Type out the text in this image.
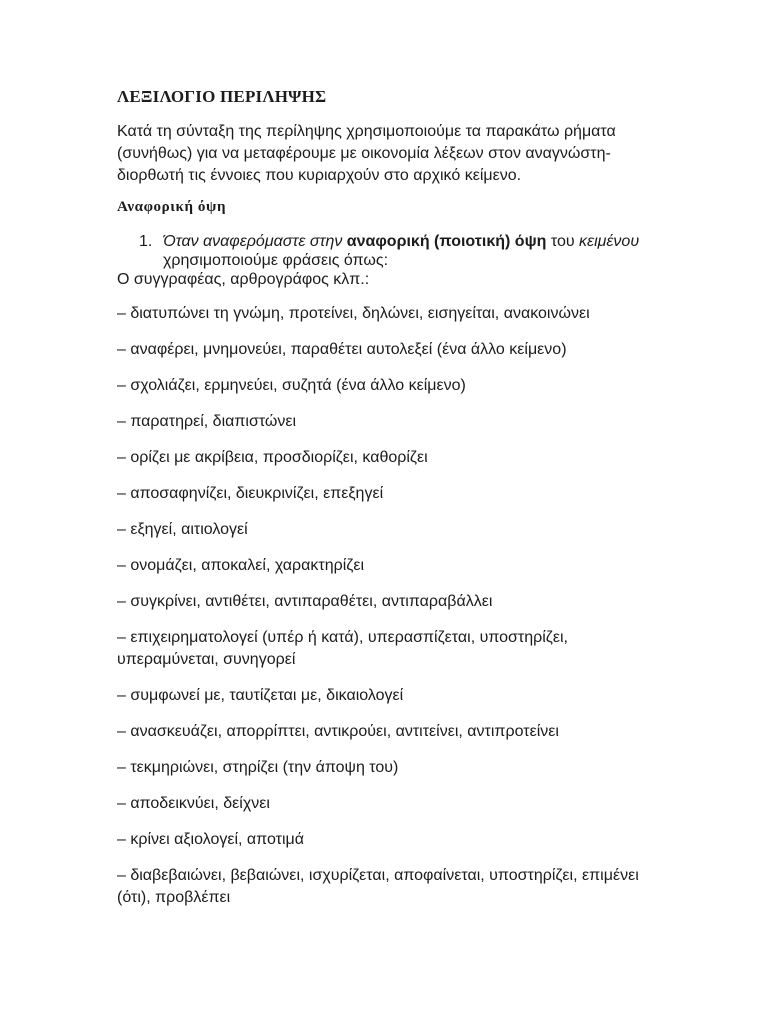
ΛΕΞΙΛΟΓΙΟ ΠΕΡΙΛΗΨΗΣ

Κατά τη σύνταξη της περίληψης χρησιμοποιούμε τα παρακάτω ρήματα (συνήθως) για να μεταφέρουμε με οικονομία λέξεων στον αναγνώστη- διορθωτή τις έννοιες που κυριαρχούν στο αρχικό κείμενο.

Αναφορική όψη
1. Όταν αναφερόμαστε στην αναφορική (ποιοτική) όψη του κειμένου χρησιμοποιούμε φράσεις όπως:

Ο συγγραφέας, αρθρογράφος κλπ.:

– διατυπώνει τη γνώμη, προτείνει, δηλώνει, εισηγείται, ανακοινώνει
– αναφέρει, μνημονεύει, παραθέτει αυτολεξεί (ένα άλλο κείμενο)
– σχολιάζει, ερμηνεύει, συζητά (ένα άλλο κείμενο)
– παρατηρεί, διαπιστώνει
– ορίζει με ακρίβεια, προσδιορίζει, καθορίζει
– αποσαφηνίζει, διευκρινίζει, επεξηγεί
– εξηγεί, αιτιολογεί
– ονομάζει, αποκαλεί, χαρακτηρίζει
– συγκρίνει, αντιθέτει, αντιπαραθέτει, αντιπαραβάλλει
– επιχειρηματολογεί (υπέρ ή κατά), υπερασπίζεται, υποστηρίζει, υπεραμύνεται, συνηγορεί
– συμφωνεί με, ταυτίζεται με, δικαιολογεί
– ανασκευάζει, απορρίπτει, αντικρούει, αντιτείνει, αντιπροτείνει
– τεκμηριώνει, στηρίζει (την άποψη του)
– αποδεικνύει, δείχνει
– κρίνει αξιολογεί, αποτιμά
– διαβεβαιώνει, βεβαιώνει, ισχυρίζεται, αποφαίνεται, υποστηρίζει, επιμένει (ότι), προβλέπει
